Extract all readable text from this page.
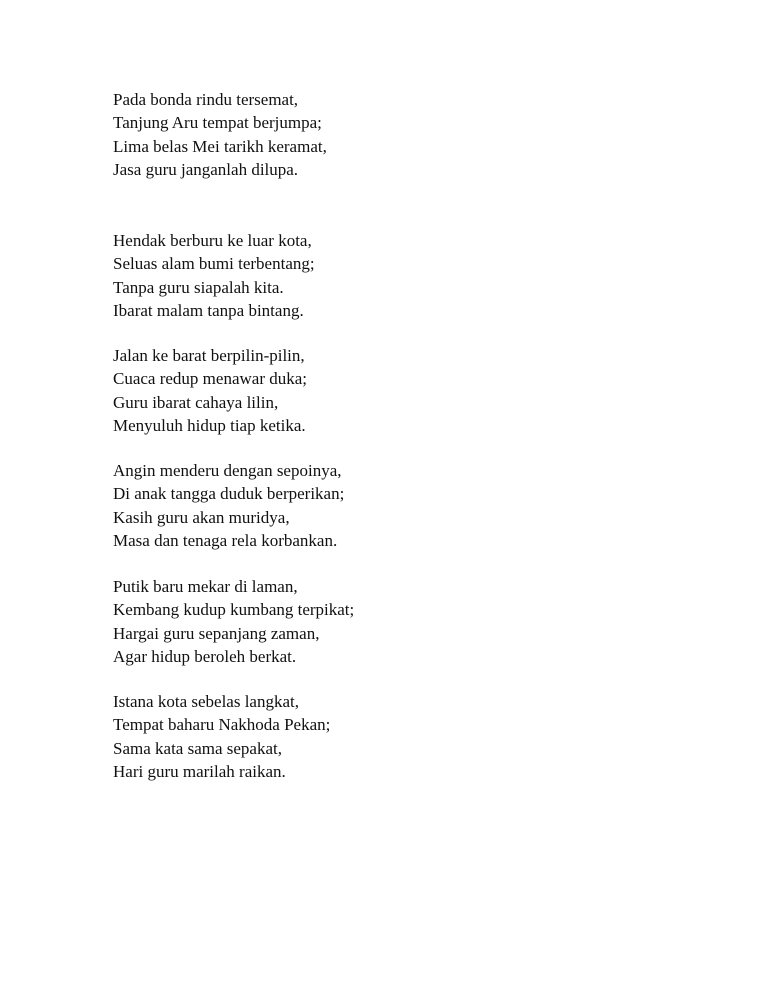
Pada bonda rindu tersemat,
Tanjung Aru tempat berjumpa;
Lima belas Mei tarikh keramat,
Jasa guru janganlah dilupa.
Hendak berburu ke luar kota,
Seluas alam bumi terbentang;
Tanpa guru siapalah kita.
Ibarat malam tanpa bintang.
Jalan ke barat berpilin-pilin,
Cuaca redup menawar duka;
Guru ibarat cahaya lilin,
Menyuluh hidup tiap ketika.
Angin menderu dengan sepoinya,
Di anak tangga duduk berperikan;
Kasih guru akan muridya,
Masa dan tenaga rela korbankan.
Putik baru mekar di laman,
Kembang kudup kumbang terpikat;
Hargai guru sepanjang zaman,
Agar hidup beroleh berkat.
Istana kota sebelas langkat,
Tempat baharu Nakhoda Pekan;
Sama kata sama sepakat,
Hari guru marilah raikan.
